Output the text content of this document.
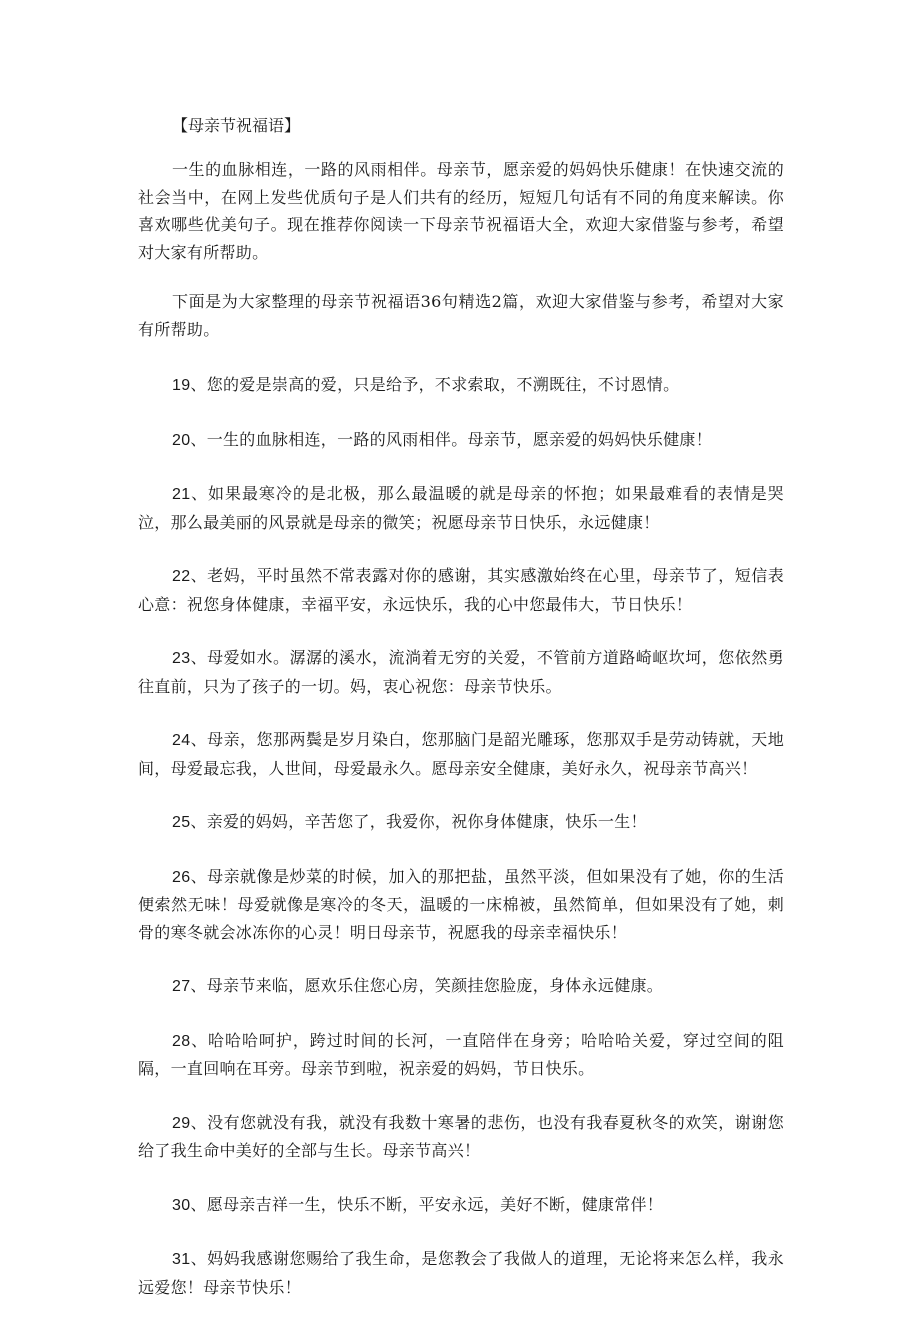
【母亲节祝福语】

一生的血脉相连，一路的风雨相伴。母亲节，愿亲爱的妈妈快乐健康！在快速交流的社会当中，在网上发些优质句子是人们共有的经历，短短几句话有不同的角度来解读。你喜欢哪些优美句子。现在推荐你阅读一下母亲节祝福语大全，欢迎大家借鉴与参考，希望对大家有所帮助。

下面是为大家整理的母亲节祝福语36句精选2篇，欢迎大家借鉴与参考，希望对大家有所帮助。

19、您的爱是崇高的爱，只是给予，不求索取，不溯既往，不讨恩情。

20、一生的血脉相连，一路的风雨相伴。母亲节，愿亲爱的妈妈快乐健康！

21、如果最寒冷的是北极，那么最温暖的就是母亲的怀抱；如果最难看的表情是哭泣，那么最美丽的风景就是母亲的微笑；祝愿母亲节日快乐，永远健康！

22、老妈，平时虽然不常表露对你的感谢，其实感激始终在心里，母亲节了，短信表心意：祝您身体健康，幸福平安，永远快乐，我的心中您最伟大，节日快乐！

23、母爱如水。潺潺的溪水，流淌着无穷的关爱，不管前方道路崎岖坎坷，您依然勇往直前，只为了孩子的一切。妈，衷心祝您：母亲节快乐。

24、母亲，您那两鬓是岁月染白，您那脑门是韶光雕琢，您那双手是劳动铸就，天地间，母爱最忘我，人世间，母爱最永久。愿母亲安全健康，美好永久，祝母亲节高兴！

25、亲爱的妈妈，辛苦您了，我爱你，祝你身体健康，快乐一生！

26、母亲就像是炒菜的时候，加入的那把盐，虽然平淡，但如果没有了她，你的生活便索然无味！母爱就像是寒冷的冬天，温暖的一床棉被，虽然简单，但如果没有了她，刺骨的寒冬就会冰冻你的心灵！明日母亲节，祝愿我的母亲幸福快乐！

27、母亲节来临，愿欢乐住您心房，笑颜挂您脸庞，身体永远健康。

28、哈哈哈呵护，跨过时间的长河，一直陪伴在身旁；哈哈哈关爱，穿过空间的阻隔，一直回响在耳旁。母亲节到啦，祝亲爱的妈妈，节日快乐。

29、没有您就没有我，就没有我数十寒暑的悲伤，也没有我春夏秋冬的欢笑，谢谢您给了我生命中美好的全部与生长。母亲节高兴！

30、愿母亲吉祥一生，快乐不断，平安永远，美好不断，健康常伴！

31、妈妈我感谢您赐给了我生命，是您教会了我做人的道理，无论将来怎么样，我永远爱您！母亲节快乐！
